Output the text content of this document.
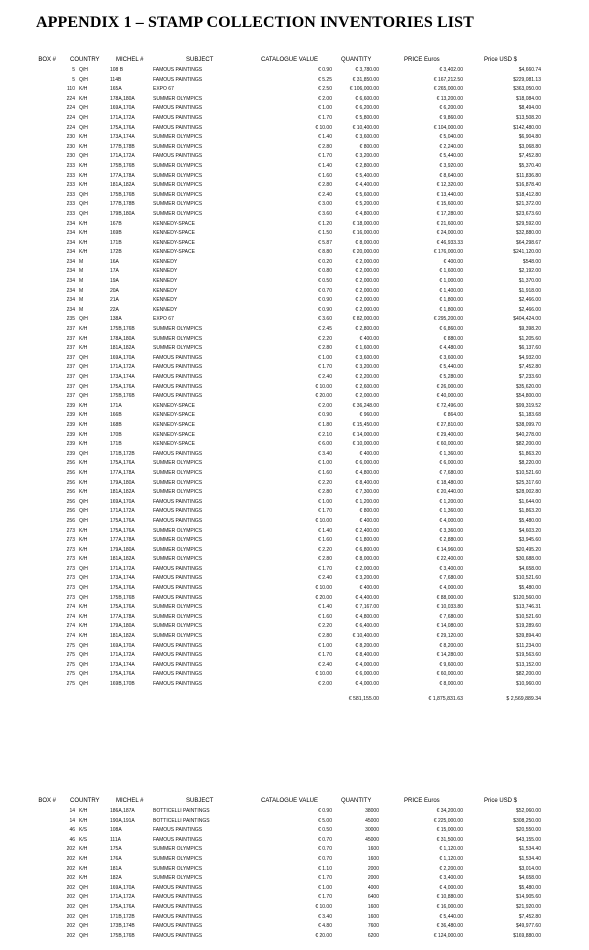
APPENDIX 1 – STAMP COLLECTION INVENTORIES LIST
BOX # COUNTRY	MICHEL #	SUBJECT	CATALOGUE VALUE	QUANTITY	PRICE Euros	Price USD $
5 Q/H	108 B	FAMOUS PAINTINGS	€ 0.90	€ 3,780.00	€ 3,402.00	$4,660.74
5 Q/H	114B	FAMOUS PAINTINGS	€ 5.25	€ 31,850.00	€ 167,212.50	$229,081.13
110 K/H	165A	EXPO 67	€ 2.50	€ 106,000.00	€ 265,000.00	$363,050.00
224 K/H	178A,180A	SUMMER OLYMPICS	€ 2.00	€ 6,600.00	€ 13,200.00	$18,084.00
224 Q/H	169A,170A	FAMOUS PAINTINGS	€ 1.00	€ 6,200.00	€ 6,200.00	$8,494.00
224 Q/H	171A,172A	FAMOUS PAINTINGS	€ 1.70	€ 5,800.00	€ 9,860.00	$13,508.20
224 Q/H	175A,176A	FAMOUS PAINTINGS	€ 10.00	€ 10,400.00	€ 104,000.00	$142,480.00
230 K/H	173A,174A	SUMMER OLYMPICS	€ 1.40	€ 3,600.00	€ 5,040.00	$6,904.80
230 K/H	177B,178B	SUMMER OLYMPICS	€ 2.80	€ 800.00	€ 2,240.00	$3,068.80
230 Q/H	171A,172A	FAMOUS PAINTINGS	€ 1.70	€ 3,200.00	€ 5,440.00	$7,452.80
233 K/H	175B,176B	SUMMER OLYMPICS	€ 1.40	€ 2,800.00	€ 3,920.00	$5,370.40
233 K/H	177A,178A	SUMMER OLYMPICS	€ 1.60	€ 5,400.00	€ 8,640.00	$11,836.80
233 K/H	181A,182A	SUMMER OLYMPICS	€ 2.80	€ 4,400.00	€ 12,320.00	$16,878.40
233 Q/H	175B,176B	SUMMER OLYMPICS	€ 2.40	€ 5,600.00	€ 13,440.00	$18,412.80
233 Q/H	177B,178B	SUMMER OLYMPICS	€ 3.00	€ 5,200.00	€ 15,600.00	$21,372.00
233 Q/H	179B,180A	SUMMER OLYMPICS	€ 3.60	€ 4,800.00	€ 17,280.00	$23,673.60
234 K/H	167B	KENNEDY-SPACE	€ 1.20	€ 18,000.00	€ 21,600.00	$29,592.00
234 K/H	169B	KENNEDY-SPACE	€ 1.50	€ 16,000.00	€ 24,000.00	$32,880.00
234 K/H	171B	KENNEDY-SPACE	€ 5.87	€ 8,000.00	€ 46,933.33	$64,298.67
234 K/H	172B	KENNEDY-SPACE	€ 8.80	€ 20,000.00	€ 176,000.00	$241,120.00
234 M	16A	KENNEDY	€ 0.20	€ 2,000.00	€ 400.00	$548.00
234 M	17A	KENNEDY	€ 0.80	€ 2,000.00	€ 1,600.00	$2,192.00
234 M	19A	KENNEDY	€ 0.50	€ 2,000.00	€ 1,000.00	$1,370.00
234 M	20A	KENNEDY	€ 0.70	€ 2,000.00	€ 1,400.00	$1,918.00
234 M	21A	KENNEDY	€ 0.90	€ 2,000.00	€ 1,800.00	$2,466.00
234 M	22A	KENNEDY	€ 0.90	€ 2,000.00	€ 1,800.00	$2,466.00
235 Q/H	138A	EXPO 67	€ 3.60	€ 82,000.00	€ 295,200.00	$404,424.00
237 K/H	175B,176B	SUMMER OLYMPICS	€ 2.45	€ 2,800.00	€ 6,860.00	$9,398.20
237 K/H	178A,180A	SUMMER OLYMPICS	€ 2.20	€ 400.00	€ 880.00	$1,205.60
237 K/H	181A,182A	SUMMER OLYMPICS	€ 2.80	€ 1,600.00	€ 4,480.00	$6,137.60
237 Q/H	169A,170A	FAMOUS PAINTINGS	€ 1.00	€ 3,600.00	€ 3,600.00	$4,932.00
237 Q/H	171A,172A	FAMOUS PAINTINGS	€ 1.70	€ 3,200.00	€ 5,440.00	$7,452.80
237 Q/H	173A,174A	FAMOUS PAINTINGS	€ 2.40	€ 2,200.00	€ 5,280.00	$7,233.60
237 Q/H	175A,176A	FAMOUS PAINTINGS	€ 10.00	€ 2,600.00	€ 26,000.00	$35,620.00
237 Q/H	175B,176B	FAMOUS PAINTINGS	€ 20.00	€ 2,000.00	€ 40,000.00	$54,800.00
239 K/H	171A	KENNEDY-SPACE	€ 2.00	€ 36,248.00	€ 72,496.00	$99,319.52
239 K/H	166B	KENNEDY-SPACE	€ 0.90	€ 960.00	€ 864.00	$1,183.68
239 K/H	168B	KENNEDY-SPACE	€ 1.80	€ 15,450.00	€ 27,810.00	$38,099.70
239 K/H	170B	KENNEDY-SPACE	€ 2.10	€ 14,000.00	€ 29,400.00	$40,278.00
239 K/H	171B	KENNEDY-SPACE	€ 6.00	€ 10,000.00	€ 60,000.00	$82,200.00
239 Q/H	171B,172B	FAMOUS PAINTINGS	€ 3.40	€ 400.00	€ 1,360.00	$1,863.20
256 K/H	175A,176A	SUMMER OLYMPICS	€ 1.00	€ 6,000.00	€ 6,000.00	$8,220.00
256 K/H	177A,178A	SUMMER OLYMPICS	€ 1.60	€ 4,800.00	€ 7,680.00	$10,521.60
256 K/H	179A,180A	SUMMER OLYMPICS	€ 2.20	€ 8,400.00	€ 18,480.00	$25,317.60
256 K/H	181A,182A	SUMMER OLYMPICS	€ 2.80	€ 7,300.00	€ 20,440.00	$28,002.80
256 Q/H	169A,170A	FAMOUS PAINTINGS	€ 1.00	€ 1,200.00	€ 1,200.00	$1,644.00
256 Q/H	171A,172A	FAMOUS PAINTINGS	€ 1.70	€ 800.00	€ 1,360.00	$1,863.20
256 Q/H	175A,176A	FAMOUS PAINTINGS	€ 10.00	€ 400.00	€ 4,000.00	$5,480.00
273 K/H	175A,176A	SUMMER OLYMPICS	€ 1.40	€ 2,400.00	€ 3,360.00	$4,603.20
273 K/H	177A,178A	SUMMER OLYMPICS	€ 1.60	€ 1,800.00	€ 2,880.00	$3,945.60
273 K/H	179A,180A	SUMMER OLYMPICS	€ 2.20	€ 6,800.00	€ 14,960.00	$20,495.20
273 K/H	181A,182A	SUMMER OLYMPICS	€ 2.80	€ 8,000.00	€ 22,400.00	$30,688.00
273 Q/H	171A,172A	FAMOUS PAINTINGS	€ 1.70	€ 2,000.00	€ 3,400.00	$4,658.00
273 Q/H	173A,174A	FAMOUS PAINTINGS	€ 2.40	€ 3,200.00	€ 7,680.00	$10,521.60
273 Q/H	175A,176A	FAMOUS PAINTINGS	€ 10.00	€ 400.00	€ 4,000.00	$5,480.00
273 Q/H	175B,176B	FAMOUS PAINTINGS	€ 20.00	€ 4,400.00	€ 88,000.00	$120,560.00
274 K/H	175A,176A	SUMMER OLYMPICS	€ 1.40	€ 7,167.00	€ 10,033.80	$13,746.31
274 K/H	177A,178A	SUMMER OLYMPICS	€ 1.60	€ 4,800.00	€ 7,680.00	$10,521.60
274 K/H	179A,180A	SUMMER OLYMPICS	€ 2.20	€ 6,400.00	€ 14,080.00	$19,289.60
274 K/H	181A,182A	SUMMER OLYMPICS	€ 2.80	€ 10,400.00	€ 29,120.00	$39,894.40
275 Q/H	169A,170A	FAMOUS PAINTINGS	€ 1.00	€ 8,200.00	€ 8,200.00	$11,234.00
275 Q/H	171A,172A	FAMOUS PAINTINGS	€ 1.70	€ 8,400.00	€ 14,280.00	$19,563.60
275 Q/H	173A,174A	FAMOUS PAINTINGS	€ 2.40	€ 4,000.00	€ 9,600.00	$13,152.00
275 Q/H	175A,176A	FAMOUS PAINTINGS	€ 10.00	€ 6,000.00	€ 60,000.00	$82,200.00
275 Q/H	169B,170B	FAMOUS PAINTINGS	€ 2.00	€ 4,000.00	€ 8,000.00	$10,960.00
€ 581,155.00	€ 1,875,831.63	$ 2,569,889.34
BOX # COUNTRY	MICHEL #	SUBJECT	CATALOGUE VALUE	QUANTITY	PRICE Euros	Price USD $
14 K/H	186A,187A	BOTTICELLI PAINTINGS	€ 0.90	38000	€ 34,200.00	$52,060.00
14 K/H	190A,191A	BOTTICELLI PAINTINGS	€ 5.00	45000	€ 225,000.00	$308,250.00
46 K/S	108A	FAMOUS PAINTINGS	€ 0.50	30000	€ 15,000.00	$20,550.00
46 K/S	111A	FAMOUS PAINTINGS	€ 0.70	45000	€ 31,500.00	$43,155.00
202 K/H	175A	SUMMER OLYMPICS	€ 0.70	1600	€ 1,120.00	$1,534.40
202 K/H	176A	SUMMER OLYMPICS	€ 0.70	1600	€ 1,120.00	$1,534.40
202 K/H	181A	SUMMER OLYMPICS	€ 1.10	2000	€ 2,200.00	$3,014.00
202 K/H	182A	SUMMER OLYMPICS	€ 1.70	2000	€ 3,400.00	$4,658.00
202 Q/H	169A,170A	FAMOUS PAINTINGS	€ 1.00	4000	€ 4,000.00	$5,480.00
202 Q/H	171A,172A	FAMOUS PAINTINGS	€ 1.70	6400	€ 10,880.00	$14,905.60
202 Q/H	175A,176A	FAMOUS PAINTINGS	€ 10.00	1600	€ 16,000.00	$21,920.00
202 Q/H	171B,172B	FAMOUS PAINTINGS	€ 3.40	1600	€ 5,440.00	$7,452.80
202 Q/H	173B,174B	FAMOUS PAINTINGS	€ 4.80	7600	€ 36,480.00	$49,977.60
202 Q/H	175B,176B	FAMOUS PAINTINGS	€ 20.00	6200	€ 124,000.00	$169,880.00
